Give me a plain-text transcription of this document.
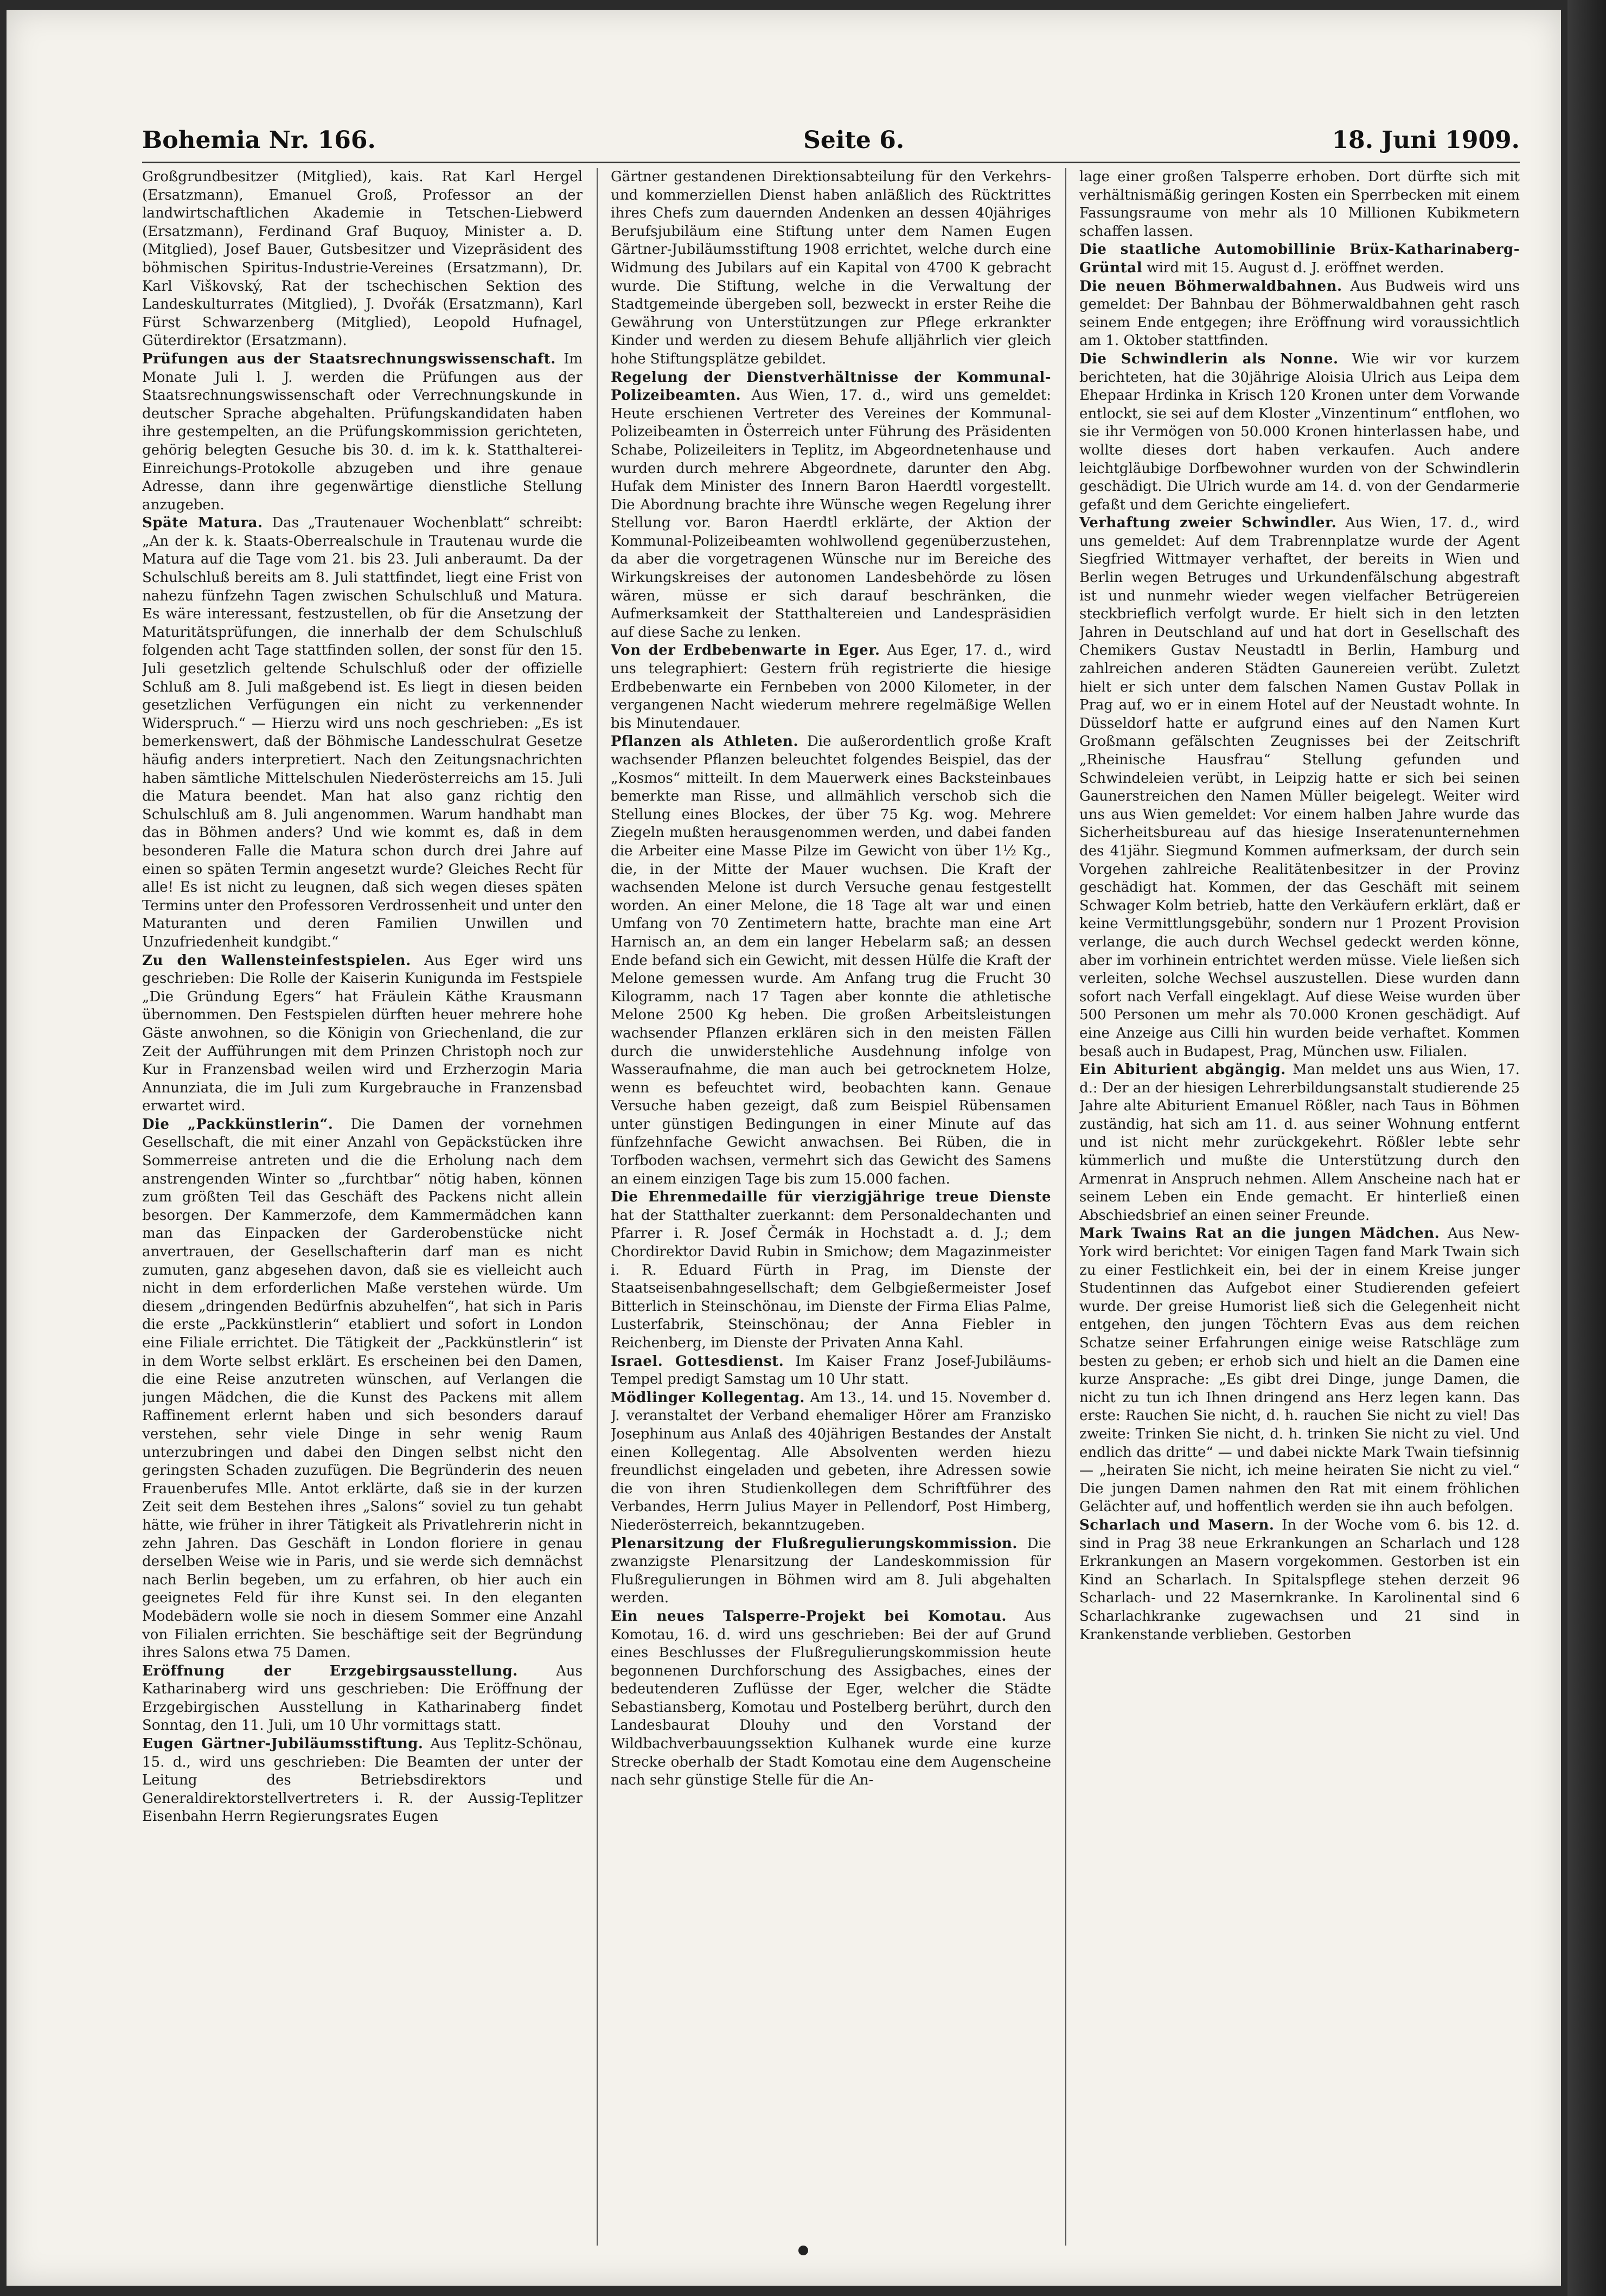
Bohemia Nr. 166.	Seite 6.	18. Juni 1909.

Großgrundbesitzer (Mitglied), kais. Rat Karl Hergel (Ersatzmann), Emanuel Groß, Professor an der landwirtschaftlichen Akademie in Tetschen-Liebwerd (Ersatzmann), Ferdinand Graf Buquoy, Minister a. D. (Mitglied), Josef Bauer, Gutsbesitzer und Vizepräsident des böhmischen Spiritus-Industrie-Vereines (Ersatzmann), Dr. Karl Viškovský, Rat der tschechischen Sektion des Landeskulturrates (Mitglied), J. Dvořák (Ersatzmann), Karl Fürst Schwarzenberg (Mitglied), Leopold Hufnagel, Güterdirektor (Ersatzmann).

Prüfungen aus der Staatsrechnungswissenschaft. Im Monate Juli l. J. werden die Prüfungen aus der Staatsrechnungswissenschaft oder Verrechnungskunde in deutscher Sprache abgehalten. Prüfungskandidaten haben ihre gestempelten, an die Prüfungskommission gerichteten, gehörig belegten Gesuche bis 30. d. im k. k. Statthalterei-Einreichungs-Protokolle abzugeben und ihre genaue Adresse, dann ihre gegenwärtige dienstliche Stellung anzugeben.

Späte Matura. Das „Trautenauer Wochenblatt“ schreibt: „An der k. k. Staats-Oberrealschule in Trautenau wurde die Matura auf die Tage vom 21. bis 23. Juli anberaumt. Da der Schulschluß bereits am 8. Juli stattfindet, liegt eine Frist von nahezu fünfzehn Tagen zwischen Schulschluß und Matura. Es wäre interessant, festzustellen, ob für die Ansetzung der Maturitätsprüfungen, die innerhalb der dem Schulschluß folgenden acht Tage stattfinden sollen, der sonst für den 15. Juli gesetzlich geltende Schulschluß oder der offizielle Schluß am 8. Juli maßgebend ist. Es liegt in diesen beiden gesetzlichen Verfügungen ein nicht zu verkennender Widerspruch.“ — Hierzu wird uns noch geschrieben: „Es ist bemerkenswert, daß der Böhmische Landesschulrat Gesetze häufig anders interpretiert. Nach den Zeitungsnachrichten haben sämtliche Mittelschulen Niederösterreichs am 15. Juli die Matura beendet. Man hat also ganz richtig den Schulschluß am 8. Juli angenommen. Warum handhabt man das in Böhmen anders? Und wie kommt es, daß in dem besonderen Falle die Matura schon durch drei Jahre auf einen so späten Termin angesetzt wurde? Gleiches Recht für alle! Es ist nicht zu leugnen, daß sich wegen dieses späten Termins unter den Professoren Verdrossenheit und unter den Maturanten und deren Familien Unwillen und Unzufriedenheit kundgibt.“

Zu den Wallensteinfestspielen. Aus Eger wird uns geschrieben: Die Rolle der Kaiserin Kunigunda im Festspiele „Die Gründung Egers“ hat Fräulein Käthe Krausmann übernommen. Den Festspielen dürften heuer mehrere hohe Gäste anwohnen, so die Königin von Griechenland, die zur Zeit der Aufführungen mit dem Prinzen Christoph noch zur Kur in Franzensbad weilen wird und Erzherzogin Maria Annunziata, die im Juli zum Kurgebrauche in Franzensbad erwartet wird.

Die „Packkünstlerin“. Die Damen der vornehmen Gesellschaft, die mit einer Anzahl von Gepäckstücken ihre Sommerreise antreten und die die Erholung nach dem anstrengenden Winter so „furchtbar“ nötig haben, können zum größten Teil das Geschäft des Packens nicht allein besorgen. Der Kammerzofe, dem Kammermädchen kann man das Einpacken der Garderobenstücke nicht anvertrauen, der Gesellschafterin darf man es nicht zumuten, ganz abgesehen davon, daß sie es vielleicht auch nicht in dem erforderlichen Maße verstehen würde. Um diesem „dringenden Bedürfnis abzuhelfen“, hat sich in Paris die erste „Packkünstlerin“ etabliert und sofort in London eine Filiale errichtet. Die Tätigkeit der „Packkünstlerin“ ist in dem Worte selbst erklärt. Es erscheinen bei den Damen, die eine Reise anzutreten wünschen, auf Verlangen die jungen Mädchen, die die Kunst des Packens mit allem Raffinement erlernt haben und sich besonders darauf verstehen, sehr viele Dinge in sehr wenig Raum unterzubringen und dabei den Dingen selbst nicht den geringsten Schaden zuzufügen. Die Begründerin des neuen Frauenberufes Mlle. Antot erklärte, daß sie in der kurzen Zeit seit dem Bestehen ihres „Salons“ soviel zu tun gehabt hätte, wie früher in ihrer Tätigkeit als Privatlehrerin nicht in zehn Jahren. Das Geschäft in London floriere in genau derselben Weise wie in Paris, und sie werde sich demnächst nach Berlin begeben, um zu erfahren, ob hier auch ein geeignetes Feld für ihre Kunst sei. In den eleganten Modebädern wolle sie noch in diesem Sommer eine Anzahl von Filialen errichten. Sie beschäftige seit der Begründung ihres Salons etwa 75 Damen.

Eröffnung der Erzgebirgsausstellung.	Aus Katharinaberg wird uns geschrieben: Die Eröffnung der Erzgebirgischen Ausstellung in Katharinaberg findet Sonntag, den 11. Juli, um 10 Uhr vormittags statt.

Eugen Gärtner-Jubiläumsstiftung. Aus Teplitz-Schönau, 15. d., wird uns geschrieben: Die Beamten der unter der Leitung des Betriebsdirektors und Generaldirektorstellvertreters i. R. der Aussig-Teplitzer Eisenbahn Herrn Regierungsrates Eugen

Gärtner gestandenen Direktionsabteilung für den Verkehrs- und kommerziellen Dienst haben anläßlich des Rücktrittes ihres Chefs zum dauernden Andenken an dessen 40jähriges Berufsjubiläum eine Stiftung unter dem Namen Eugen Gärtner-Jubiläumsstiftung 1908 errichtet, welche durch eine Widmung des Jubilars auf ein Kapital von 4700 K gebracht wurde. Die Stiftung, welche in die Verwaltung der Stadtgemeinde übergeben soll, bezweckt in erster Reihe die Gewährung von Unterstützungen zur Pflege erkrankter Kinder und werden zu diesem Behufe alljährlich vier gleich hohe Stiftungsplätze gebildet.

Regelung der Dienstverhältnisse der Kommunal-Polizeibeamten. Aus Wien, 17. d., wird uns gemeldet: Heute erschienen Vertreter des Vereines der Kommunal-Polizeibeamten in Österreich unter Führung des Präsidenten Schabe, Polizeileiters in Teplitz, im Abgeordnetenhause und wurden durch mehrere Abgeordnete, darunter den Abg. Hufak dem Minister des Innern Baron Haerdtl vorgestellt. Die Abordnung brachte ihre Wünsche wegen Regelung ihrer Stellung vor. Baron Haerdtl erklärte, der Aktion der Kommunal-Polizeibeamten wohlwollend gegenüberzustehen, da aber die vorgetragenen Wünsche nur im Bereiche des Wirkungskreises der autonomen Landesbehörde zu lösen wären, müsse er sich darauf beschränken, die Aufmerksamkeit der Statthaltereien und Landespräsidien auf diese Sache zu lenken.

Von der Erdbebenwarte in Eger. Aus Eger, 17. d., wird uns telegraphiert: Gestern früh registrierte die hiesige Erdbebenwarte ein Fernbeben von 2000 Kilometer, in der vergangenen Nacht wiederum mehrere regelmäßige Wellen bis Minutendauer.

Pflanzen als Athleten. Die außerordentlich große Kraft wachsender Pflanzen beleuchtet folgendes Beispiel, das der „Kosmos“ mitteilt. In dem Mauerwerk eines Backsteinbaues bemerkte man Risse, und allmählich verschob sich die Stellung eines Blockes, der über 75 Kg. wog. Mehrere Ziegeln mußten herausgenommen werden, und dabei fanden die Arbeiter eine Masse Pilze im Gewicht von über 1½ Kg., die, in der Mitte der Mauer wuchsen. Die Kraft der wachsenden Melone ist durch Versuche genau festgestellt worden. An einer Melone, die 18 Tage alt war und einen Umfang von 70 Zentimetern hatte, brachte man eine Art Harnisch an, an dem ein langer Hebelarm saß; an dessen Ende befand sich ein Gewicht, mit dessen Hülfe die Kraft der Melone gemessen wurde. Am Anfang trug die Frucht 30 Kilogramm, nach 17 Tagen aber konnte die athletische Melone 2500 Kg heben. Die großen Arbeitsleistungen wachsender Pflanzen erklären sich in den meisten Fällen durch die unwiderstehliche Ausdehnung infolge von Wasseraufnahme, die man auch bei getrocknetem Holze, wenn es befeuchtet wird, beobachten kann. Genaue Versuche haben gezeigt, daß zum Beispiel Rübensamen unter günstigen Bedingungen in einer Minute auf das fünfzehnfache Gewicht anwachsen. Bei Rüben, die in Torfboden wachsen, vermehrt sich das Gewicht des Samens an einem einzigen Tage bis zum 15.000 fachen.

Die Ehrenmedaille für vierzigjährige treue Dienste hat der Statthalter zuerkannt: dem Personaldechanten und Pfarrer i. R. Josef Čermák in Hochstadt a. d. J.; dem Chordirektor David Rubin in Smichow; dem Magazinmeister i. R. Eduard Fürth in Prag, im Dienste der Staatseisenbahngesellschaft; dem Gelbgießermeister Josef Bitterlich in Steinschönau, im Dienste der Firma Elias Palme, Lusterfabrik, Steinschönau; der Anna Fiebler in Reichenberg, im Dienste der Privaten Anna Kahl.

Israel. Gottesdienst. Im Kaiser Franz Josef-Jubiläums-Tempel predigt Samstag um 10 Uhr statt.

Mödlinger Kollegentag. Am 13., 14. und 15. November d. J. veranstaltet der Verband ehemaliger Hörer am Franzisko Josephinum aus Anlaß des 40jährigen Bestandes der Anstalt einen Kollegentag. Alle Absolventen werden hiezu freundlichst eingeladen und gebeten, ihre Adressen sowie die von ihren Studienkollegen dem Schriftführer des Verbandes, Herrn Julius Mayer in Pellendorf, Post Himberg, Niederösterreich, bekanntzugeben.

Plenarsitzung der Flußregulierungskommission. Die zwanzigste Plenarsitzung der Landeskommission für Flußregulierungen in Böhmen wird am 8. Juli abgehalten werden.

Ein neues Talsperre-Projekt bei Komotau. Aus Komotau, 16. d. wird uns geschrieben: Bei der auf Grund eines Beschlusses der Flußregulierungskommission heute begonnenen Durchforschung des Assigbaches, eines der bedeutenderen Zuflüsse der Eger, welcher die Städte Sebastiansberg, Komotau und Postelberg berührt, durch den Landesbaurat Dlouhy und den Vorstand der Wildbachverbauungssektion Kulhanek wurde eine kurze Strecke oberhalb der Stadt Komotau eine dem Augenscheine nach sehr günstige Stelle für die An-

lage einer großen Talsperre erhoben. Dort dürfte sich mit verhältnismäßig geringen Kosten ein Sperrbecken mit einem Fassungsraume von mehr als 10 Millionen Kubikmetern schaffen lassen.

Die staatliche Automobillinie Brüx-Katharinaberg-Grüntal wird mit 15. August d. J. eröffnet werden.

Die neuen Böhmerwaldbahnen. Aus Budweis wird uns gemeldet: Der Bahnbau der Böhmerwaldbahnen geht rasch seinem Ende entgegen; ihre Eröffnung wird voraussichtlich am 1. Oktober stattfinden.

Die Schwindlerin als Nonne. Wie wir vor kurzem berichteten, hat die 30jährige Aloisia Ulrich aus Leipa dem Ehepaar Hrdinka in Krisch 120 Kronen unter dem Vorwande entlockt, sie sei auf dem Kloster „Vinzentinum“ entflohen, wo sie ihr Vermögen von 50.000 Kronen hinterlassen habe, und wollte dieses dort haben verkaufen. Auch andere leichtgläubige Dorfbewohner wurden von der Schwindlerin geschädigt. Die Ulrich wurde am 14. d. von der Gendarmerie gefaßt und dem Gerichte eingeliefert.

Verhaftung zweier Schwindler. Aus Wien, 17. d., wird uns gemeldet: Auf dem Trabrennplatze wurde der Agent Siegfried Wittmayer verhaftet, der bereits in Wien und Berlin wegen Betruges und Urkundenfälschung abgestraft ist und nunmehr wieder wegen vielfacher Betrügereien steckbrieflich verfolgt wurde. Er hielt sich in den letzten Jahren in Deutschland auf und hat dort in Gesellschaft des Chemikers Gustav Neustadtl in Berlin, Hamburg und zahlreichen anderen Städten Gaunereien verübt. Zuletzt hielt er sich unter dem falschen Namen Gustav Pollak in Prag auf, wo er in einem Hotel auf der Neustadt wohnte. In Düsseldorf hatte er aufgrund eines auf den Namen Kurt Großmann gefälschten Zeugnisses bei der Zeitschrift „Rheinische Hausfrau“ Stellung gefunden und Schwindeleien verübt, in Leipzig hatte er sich bei seinen Gaunerstreichen den Namen Müller beigelegt. Weiter wird uns aus Wien gemeldet: Vor einem halben Jahre wurde das Sicherheitsbureau auf das hiesige Inseratenunternehmen des 41jähr. Siegmund Kommen aufmerksam, der durch sein Vorgehen zahlreiche Realitätenbesitzer in der Provinz geschädigt hat. Kommen, der das Geschäft mit seinem Schwager Kolm betrieb, hatte den Verkäufern erklärt, daß er keine Vermittlungsgebühr, sondern nur 1 Prozent Provision verlange, die auch durch Wechsel gedeckt werden könne, aber im vorhinein entrichtet werden müsse. Viele ließen sich verleiten, solche Wechsel auszustellen. Diese wurden dann sofort nach Verfall eingeklagt. Auf diese Weise wurden über 500 Personen um mehr als 70.000 Kronen geschädigt. Auf eine Anzeige aus Cilli hin wurden beide verhaftet. Kommen besaß auch in Budapest, Prag, München usw. Filialen.

Ein Abiturient abgängig. Man meldet uns aus Wien, 17. d.: Der an der hiesigen Lehrerbildungsanstalt studierende 25 Jahre alte Abiturient Emanuel Rößler, nach Taus in Böhmen zuständig, hat sich am 11. d. aus seiner Wohnung entfernt und ist nicht mehr zurückgekehrt. Rößler lebte sehr kümmerlich und mußte die Unterstützung durch den Armenrat in Anspruch nehmen. Allem Anscheine nach hat er seinem Leben ein Ende gemacht. Er hinterließ einen Abschiedsbrief an einen seiner Freunde.

Mark Twains Rat an die jungen Mädchen. Aus New-York wird berichtet: Vor einigen Tagen fand Mark Twain sich zu einer Festlichkeit ein, bei der in einem Kreise junger Studentinnen das Aufgebot einer Studierenden gefeiert wurde. Der greise Humorist ließ sich die Gelegenheit nicht entgehen, den jungen Töchtern Evas aus dem reichen Schatze seiner Erfahrungen einige weise Ratschläge zum besten zu geben; er erhob sich und hielt an die Damen eine kurze Ansprache: „Es gibt drei Dinge, junge Damen, die nicht zu tun ich Ihnen dringend ans Herz legen kann. Das erste: Rauchen Sie nicht, d. h. rauchen Sie nicht zu viel! Das zweite: Trinken Sie nicht, d. h. trinken Sie nicht zu viel. Und endlich das dritte“ — und dabei nickte Mark Twain tiefsinnig — „heiraten Sie nicht, ich meine heiraten Sie nicht zu viel.“ Die jungen Damen nahmen den Rat mit einem fröhlichen Gelächter auf, und hoffentlich werden sie ihn auch befolgen.

Scharlach und Masern. In der Woche vom 6. bis 12. d. sind in Prag 38 neue Erkrankungen an Scharlach und 128 Erkrankungen an Masern vorgekommen. Gestorben ist ein Kind an Scharlach. In Spitalspflege stehen derzeit 96 Scharlach- und 22 Masernkranke. In Karolinental sind 6 Scharlachkranke zugewachsen und 21 sind in Krankenstande verblieben. Gestorben
